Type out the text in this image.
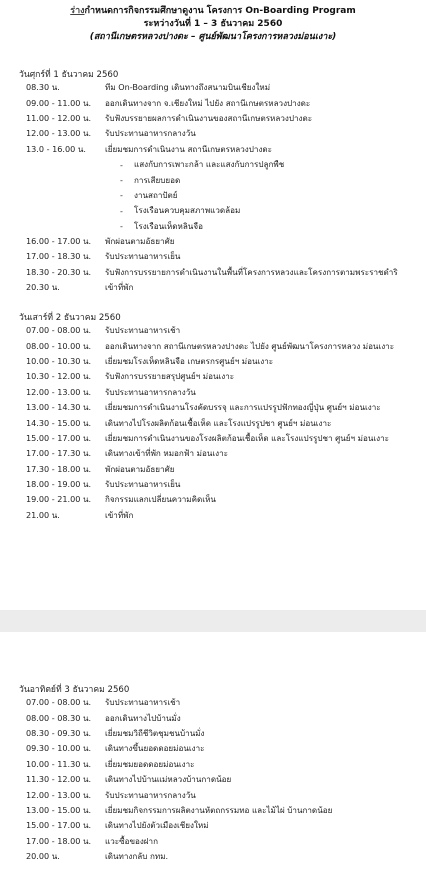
ร่างกำหนดการกิจกรรมศึกษาดูงาน โครงการ On-Boarding Program
ระหว่างวันที่ 1 – 3 ธันวาคม 2560
(สถานีเกษตรหลวงปางดะ – ศูนย์พัฒนาโครงการหลวงม่อนเงาะ)
วันศุกร์ที่ 1 ธันวาคม 2560
08.30 น.	ทีม On-Boarding เดินทางถึงสนามบินเชียงใหม่
09.00 - 11.00 น.	ออกเดินทางจาก จ.เชียงใหม่ ไปยัง สถานีเกษตรหลวงปางดะ
11.00 - 12.00 น.	รับฟังบรรยายผลการดำเนินงานของสถานีเกษตรหลวงปางดะ
12.00 - 13.00 น.	รับประทานอาหารกลางวัน
13.0 - 16.00 น.	เยี่ยมชมการดำเนินงาน สถานีเกษตรหลวงปางดะ
-	แสงกับการเพาะกล้า และแสงกับการปลูกพืช
-	การเสียบยอด
-	งานสถาปัตย์
-	โรงเรือนควบคุมสภาพแวดล้อม
-	โรงเรือนเห็ดหลินจือ
16.00 - 17.00 น.	พักผ่อนตามอัธยาศัย
17.00 - 18.30 น.	รับประทานอาหารเย็น
18.30 - 20.30 น.	รับฟังการบรรยายการดำเนินงานในพื้นที่โครงการหลวงและโครงการตามพระราชดำริ
20.30 น.	เข้าที่พัก
วันเสาร์ที่ 2 ธันวาคม 2560
07.00 - 08.00 น.	รับประทานอาหารเช้า
08.00 - 10.00 น.	ออกเดินทางจาก สถานีเกษตรหลวงปางดะ ไปยัง ศูนย์พัฒนาโครงการหลวง ม่อนเงาะ
10.00 - 10.30 น.	เยี่ยมชมโรงเห็ดหลินจือ เกษตรกรศูนย์ฯ ม่อนเงาะ
10.30 - 12.00 น.	รับฟังการบรรยายสรุปศูนย์ฯ ม่อนเงาะ
12.00 - 13.00 น.	รับประทานอาหารกลางวัน
13.00 - 14.30 น.	เยี่ยมชมการดำเนินงานโรงคัดบรรจุ และการแปรรูปฟักทองญี่ปุ่น ศูนย์ฯ ม่อนเงาะ
14.30 - 15.00 น.	เดินทางไปโรงผลิตก้อนเชื้อเห็ด และโรงแปรรูปชา ศูนย์ฯ ม่อนเงาะ
15.00 - 17.00 น.	เยี่ยมชมการดำเนินงานของโรงผลิตก้อนเชื้อเห็ด และโรงแปรรูปชา ศูนย์ฯ ม่อนเงาะ
17.00 - 17.30 น.	เดินทางเข้าที่พัก หมอกฟ้า ม่อนเงาะ
17.30 - 18.00 น.	พักผ่อนตามอัธยาศัย
18.00 - 19.00 น.	รับประทานอาหารเย็น
19.00 - 21.00 น.	กิจกรรมแลกเปลี่ยนความคิดเห็น
21.00 น.	เข้าที่พัก
วันอาทิตย์ที่ 3 ธันวาคม 2560
07.00 - 08.00 น.	รับประทานอาหารเช้า
08.00 - 08.30 น.	ออกเดินทางไปบ้านมั่ง
08.30 - 09.30 น.	เยี่ยมชมวิถีชีวิตชุมชนบ้านมั่ง
09.30 - 10.00 น.	เดินทางขึ้นยอดดอยม่อนเงาะ
10.00 - 11.30 น.	เยี่ยมชมยอดดอยม่อนเงาะ
11.30 - 12.00 น.	เดินทางไปบ้านแม่หลวงบ้านกาดน้อย
12.00 - 13.00 น.	รับประทานอาหารกลางวัน
13.00 - 15.00 น.	เยี่ยมชมกิจกรรมการผลิตงานหัตถกรรมทอ และไม้ไผ่ บ้านกาดน้อย
15.00 - 17.00 น.	เดินทางไปยังตัวเมืองเชียงใหม่
17.00 - 18.00 น.	แวะซื้อของฝาก
20.00 น.	เดินทางกลับ กทม.
